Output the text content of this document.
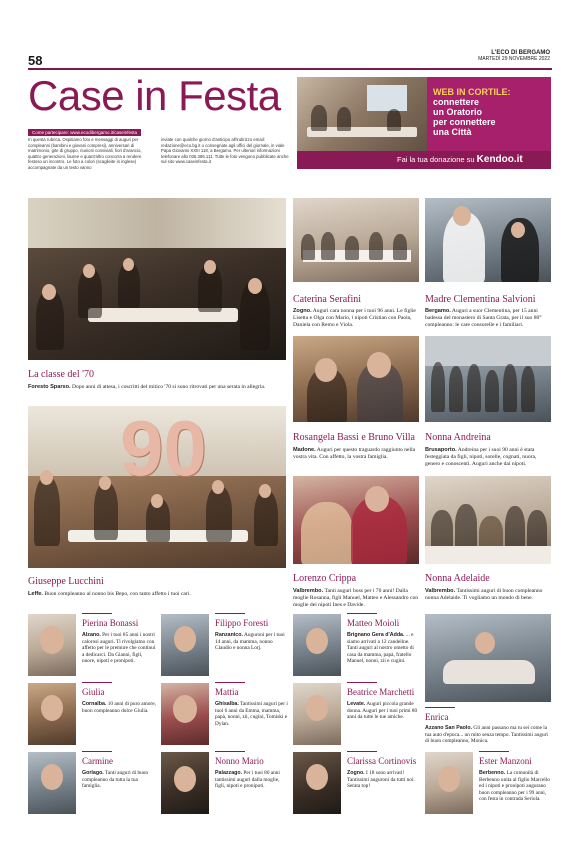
58	L'ECO DI BERGAMO
MARTEDÌ 29 NOVEMBRE 2022
Case in Festa
Come partecipare: www.ecodibergamo.it/caseinfesta
In questa rubrica. Ospitiamo foto e messaggi di auguri per compleanni (bambini e giovani compresi), anniversari di matrimonio, gite di gruppo, riunioni conviviali, fiori d'arancio, quattro generazioni, lauree e quant'altro concorra a rendere festoso un incontro. Le foto a colori (scaglieite in inglese) accompagnate da un testo vanno
inviate con qualche giorno d'anticipo all'indirizzo email: redazione@eco.bg.it o consegnate agli uffici del giornale, in viale Papa Giovanni XXIII 118, a Bergamo. Per ulteriori informazioni telefonare allo 035.386.111. Tutte le foto vengono pubblicate anche sul sito www.caseinfesta.it
WEB IN CORTILE:
connettere
un Oratorio
per connettere
una Città
Fai la tua donazione su Kendoo.it
La classe del '70
Foresto Sparso. Dopo anni di attesa, i coscritti del mitico '70 si sono ritrovati per una serata in allegria.
90
Giuseppe Lucchini
Leffe. Buon compleanno al nonno bis Bepo, con tanto affetto i tuoi cari.
Caterina Serafini
Zogno. Auguri cara nonna per i tuoi 96 anni. Le figlie Lisetta e Olga con Mario, i nipoti Cristian con Paola, Daniela con Remo e Viola.
Madre Clementina Salvioni
Bergamo. Auguri a suor Clementina, per 15 anni badessa del monastero di Santa Grata, per il suo 80° compleanno: le care consorelle e i familiari.
Rosangela Bassi e Bruno Villa
Madone. Auguri per questo traguardo raggiunto nella vostra vita. Con affetto, la vostra famiglia.
Nonna Andreina
Brusaporto. Andreina per i suoi 90 anni è stata festeggiata da figli, nipoti, sorelle, cognati, nuora, genero e conoscenti. Auguri anche dai nipoti.
Lorenzo Crippa
Valbrembo. Tanti auguri boss per i 70 anni! Dalla moglie Rosanna, figli Manuel, Matteo e Alessandro con moglie dei nipoti Ines e Davide.
Nonna Adelaide
Valbrembo. Tantissimi auguri di buon compleanno nonna Adelaide. Ti vogliamo un mondo di bene.
Pierina Bonassi
Alzano. Per i tuoi 85 anni i nostri calorosi auguri. Ti rivolgiamo con affetto per le premure che continui a dedicarci. Da Gianni, figli, nuore, nipoti e pronipoti.
Filippo Foresti
Ranzanico. Auguroni per i tuoi 14 anni, da mamma, nonno Claudio e nonna Lorj.
Matteo Moioli
Brignano Gera d'Adda. ... e siamo arrivati a 12 candeline. Tanti auguri al nostro ometto di casa da mamma, papà, fratello Manuel, nonni, zii e cugini.
Giulia
Cornalba. 10 anni di puro amore, buon compleanno dolce Giulia.
Mattia
Ghisalba. Tantissimi auguri per i tuoi 6 anni da Emma, mamma, papà, nonni, zii, cugini, Tomiski e Dylan.
Beatrice Marchetti
Levate. Auguri piccola grande donna. Auguri per i tuoi primi 80 anni da tutte le tue amiche.	Enrica
Azzano San Paolo. Gli anni passano ma tu sei come la tua auto d'epoca... un mito senza tempo. Tantissimi auguri di buon compleanno, Monica.
Carmine
Gorlago. Tanti auguri di buon compleanno da tutta la tua famiglia.
Nonno Mario
Palazzago. Per i tuoi 80 anni tantissimi auguri dalla moglie, figli, nipoti e pronipoti.
Clarissa Cortinovis
Zogno. I 18 sono arrivati! Tantissimi auguroni da tutti noi. Serata top!
Ester Manzoni
Berbenno. La comunità di Berbenno unita al figlio Marcello ed i nipoti e pronipoti augurano buon compleanno per i 99 anni, con festa in contrada Seriola.
